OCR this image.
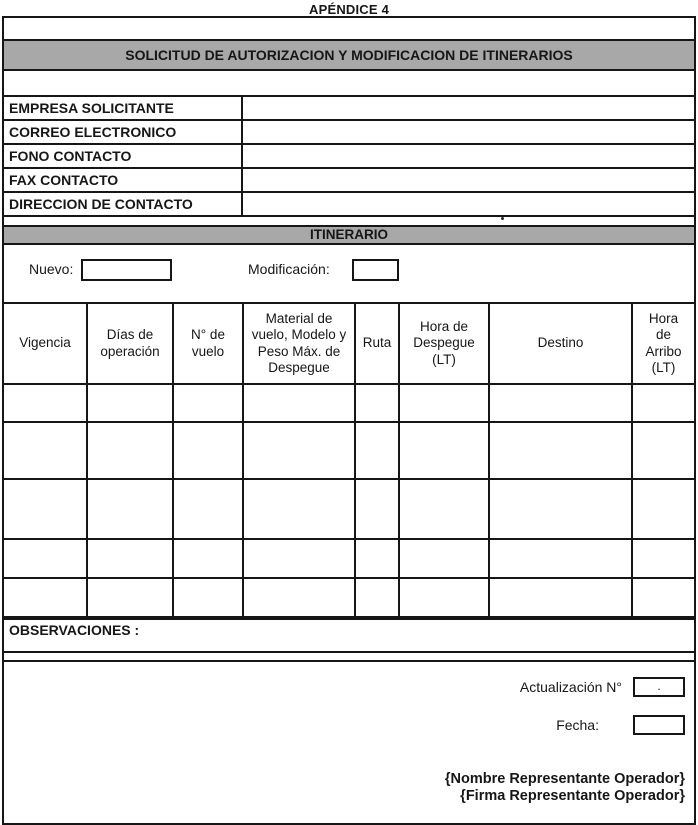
APÉNDICE 4
SOLICITUD DE AUTORIZACION Y MODIFICACION DE ITINERARIOS
EMPRESA SOLICITANTE	
CORREO ELECTRONICO	
FONO CONTACTO	
FAX CONTACTO	
DIRECCION DE CONTACTO	
ITINERARIO
Nuevo:	Modificación:
Vigencia	Días de operación	N° de vuelo	Material de vuelo, Modelo y Peso Máx. de Despegue	Ruta	Hora de Despegue (LT)	Destino	Hora de Arribo (LT)

OBSERVACIONES :
Actualización N°	.
Fecha:
{Nombre Representante Operador}
{Firma Representante Operador}
